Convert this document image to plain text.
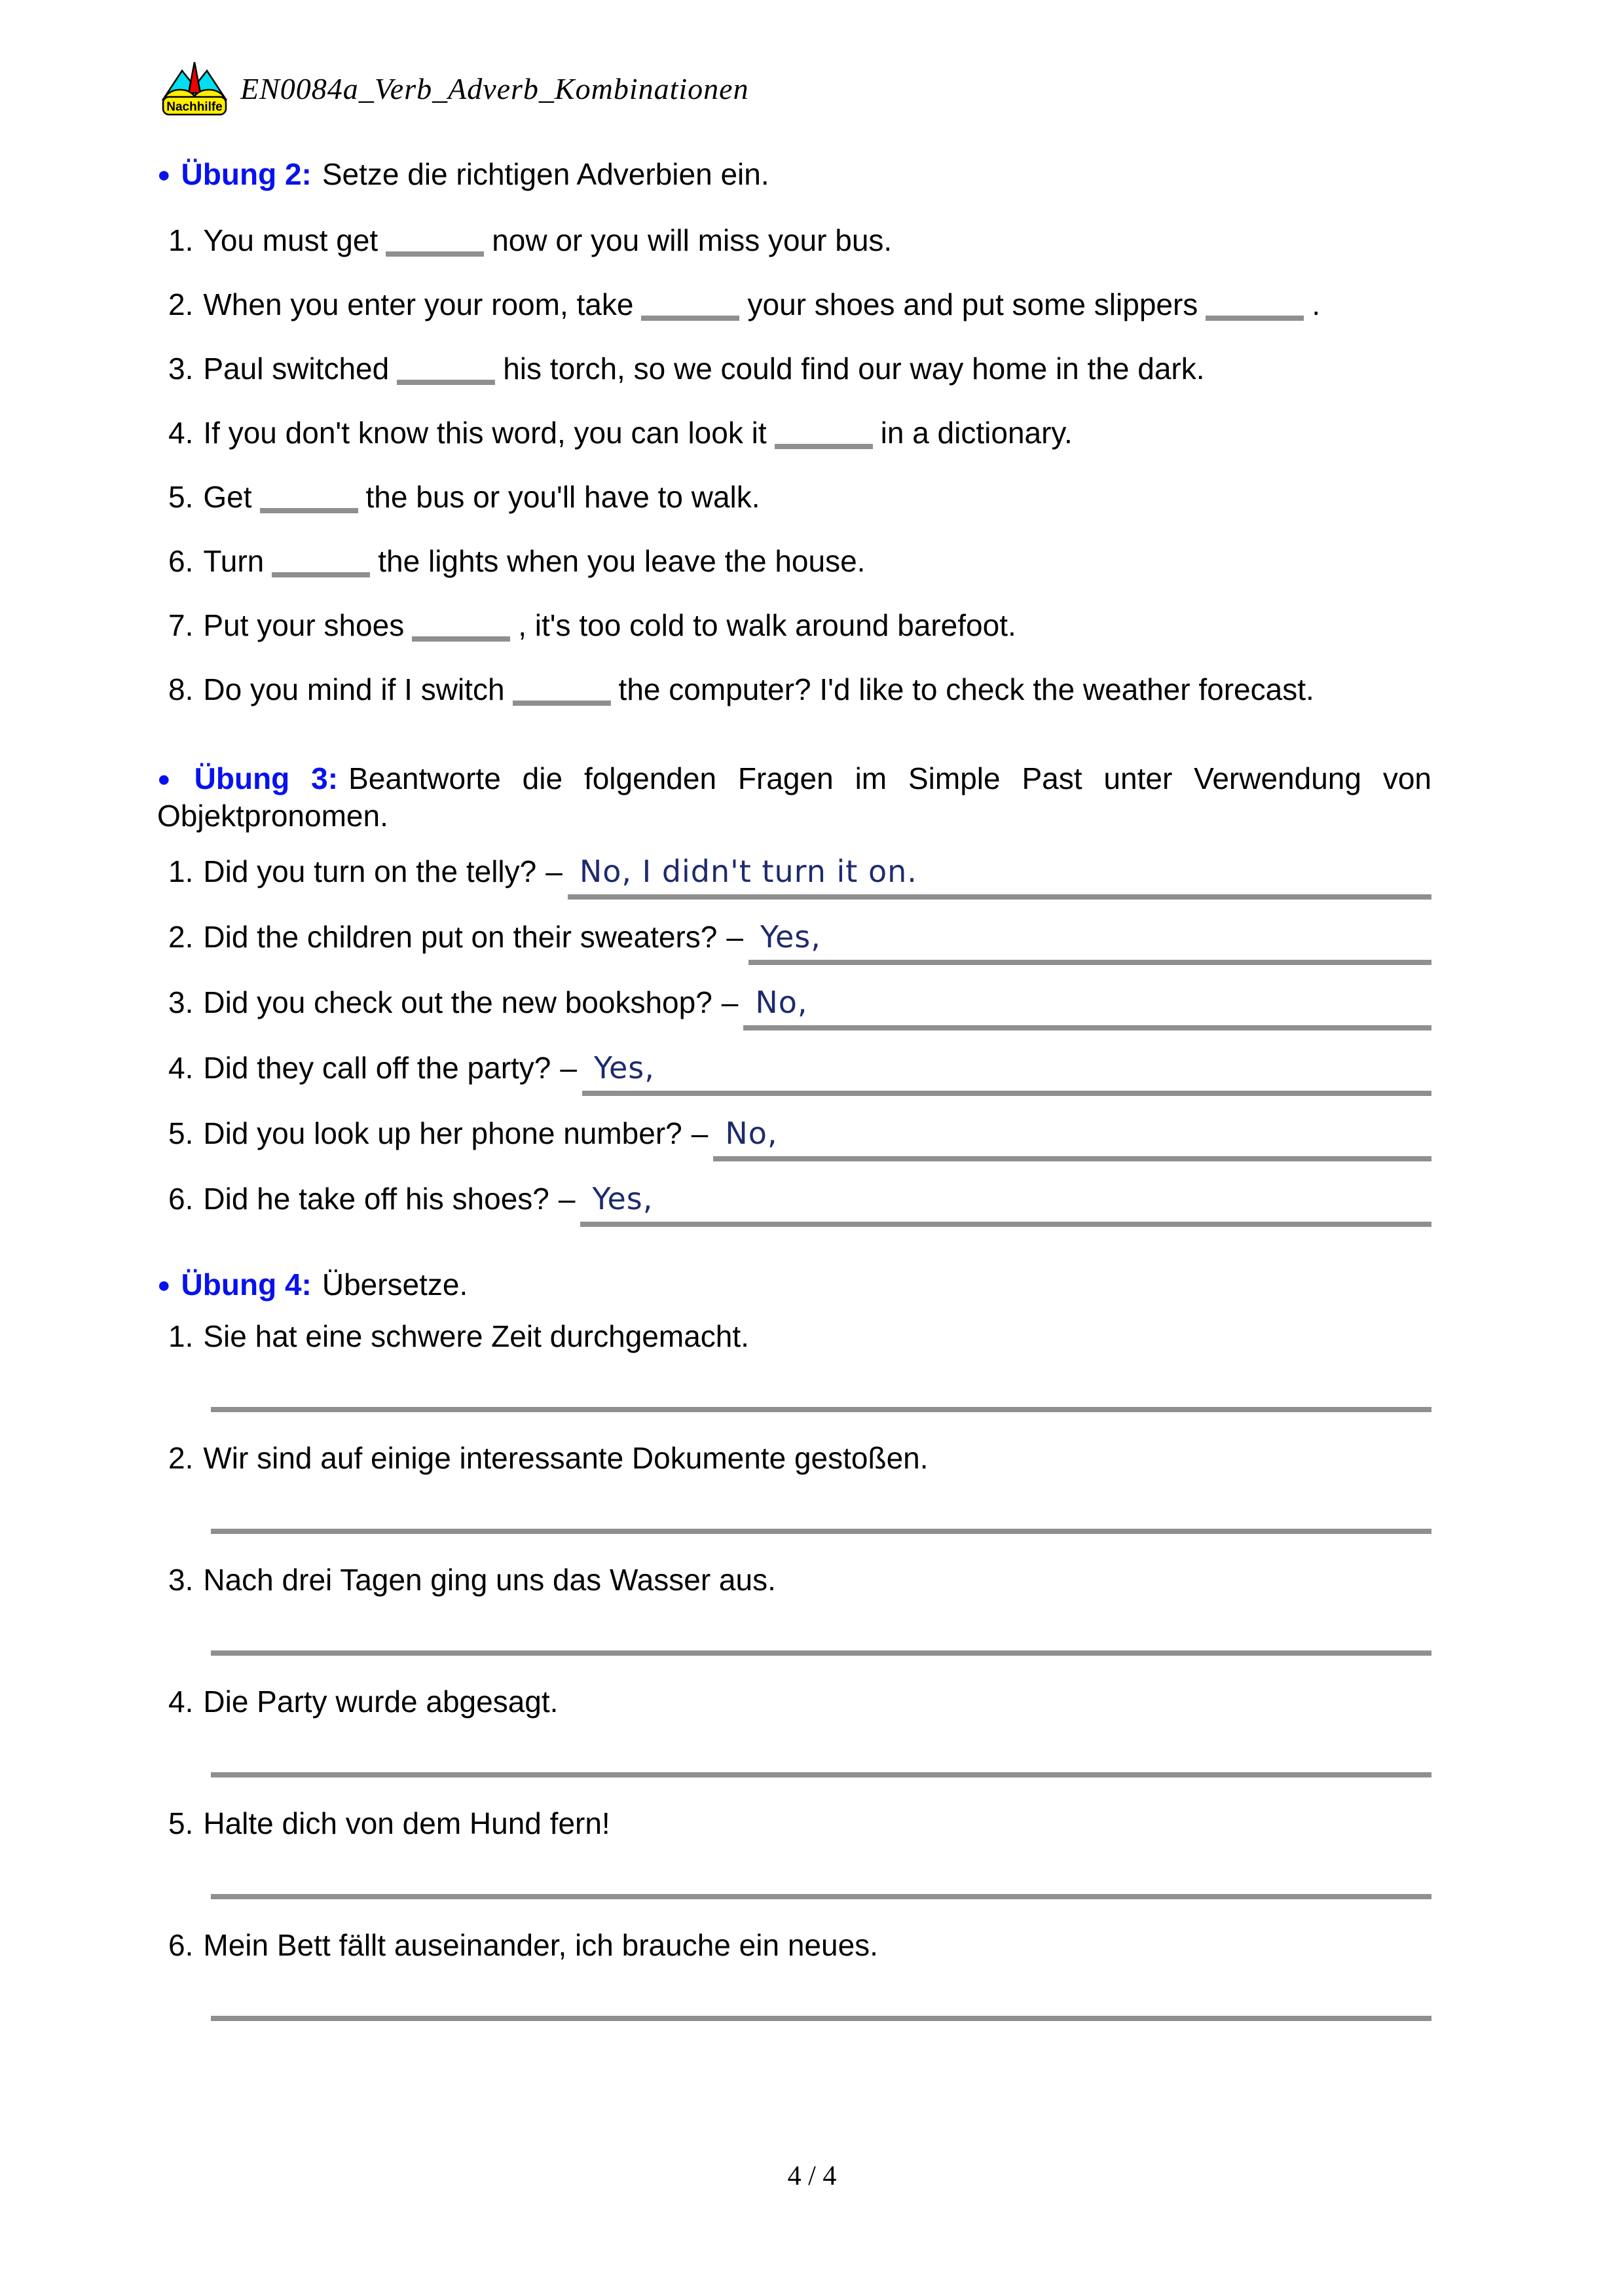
Nachhilfe
EN0084a_Verb_Adverb_Kombinationen

● Übung 2: Setze die richtigen Adverbien ein.

1. You must get	now or you will miss your bus.
2. When you enter your room, take	your shoes and put some slippers	.
3. Paul switched	his torch, so we could find our way home in the dark.
4. If you don't know this word, you can look it	in a dictionary.
5. Get	the bus or you'll have to walk.
6. Turn	the lights when you leave the house.
7. Put your shoes	, it's too cold to walk around barefoot.
8. Do you mind if I switch	the computer? I'd like to check the weather forecast.

● Übung 3: Beantworte die folgenden Fragen im Simple Past unter Verwendung von Objektpronomen.

1. Did you turn on the telly? – No, I didn't turn it on.
2. Did the children put on their sweaters? – Yes,
3. Did you check out the new bookshop? – No,
4. Did they call off the party? – Yes,
5. Did you look up her phone number? – No,
6. Did he take off his shoes? – Yes,

● Übung 4: Übersetze.

1. Sie hat eine schwere Zeit durchgemacht.
2. Wir sind auf einige interessante Dokumente gestoßen.
3. Nach drei Tagen ging uns das Wasser aus.
4. Die Party wurde abgesagt.
5. Halte dich von dem Hund fern!
6. Mein Bett fällt auseinander, ich brauche ein neues.
4 / 4
